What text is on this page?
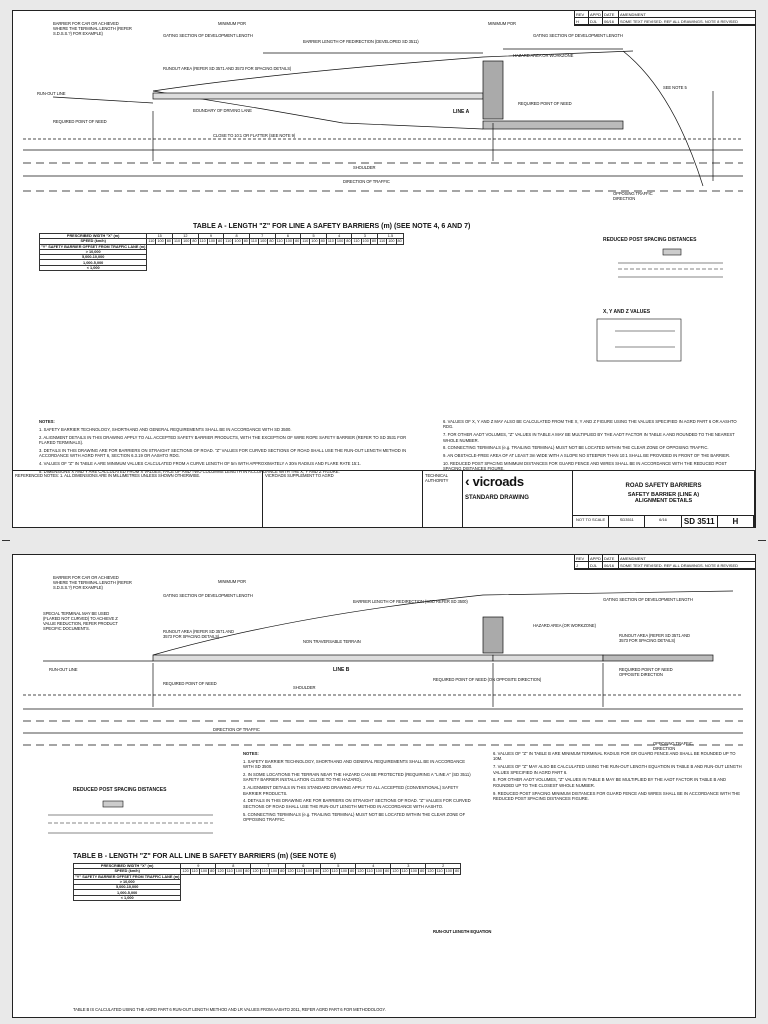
REV	APPD DATE	AMENDMENT
H	DJL	06/16	SOME TEXT REVISED. REF ALL DRAWINGS. NOTE 8 REVISED
BARRIER FOR CAR OR ACHIEVED WHERE THE TERMINAL LENGTH (REFER S.D.S.S.?) FOR EXAMPLE)	GATING SECTION OF DEVELOPMENT LENGTH
MINIMUM POR
BARRIER LENGTH OF REDIRECTION (DEVELOPED SD 3511)
MINIMUM POR
GATING SECTION OF DEVELOPMENT LENGTH
RUNOUT AREA (REFER SD 3571 AND 3573 FOR SPACING DETAILS)
LINE A
BOUNDARY OF DRIVING LANE
RUN-OUT LINE
REQUIRED POINT OF NEED
CLOSE TO 10:1 OR FLATTER (SEE NOTE 9)
SHOULDER
DIRECTION OF TRAFFIC
OPPOSING TRAFFIC DIRECTION
SEE NOTE 5
HAZARD AREA OR WORKZONE
REQUIRED POINT OF NEED
TABLE A - LENGTH "Z" FOR LINE A SAFETY BARRIERS (m) (SEE NOTE 4, 6 AND 7)
PRESCRIBED WIDTH "X" (m)	15			12			9			8			7			6			5			4			3			1.5		
SPEED (km/h)	110	100	80	110	100	80	110	100	80	110	100	80	110	100	80	110	100	80	110	100	80	110	100	80	110	100	80	110	100	80
"Y" SAFETY BARRIER OFFSET FROM TRAFFIC LANE (m)																														
> 10,000																														
5,000-10,000																														
1,000-5,000																														
< 1,000																														
REDUCED POST SPACING DISTANCES
X, Y AND Z VALUES

NOTES:

1. SAFETY BARRIER TECHNOLOGY, SHORTHAND AND GENERAL REQUIREMENTS SHALL BE IN ACCORDANCE WITH SD 3500.

2. ALIGNMENT DETAILS IN THIS DRAWING APPLY TO ALL ACCEPTED SAFETY BARRIER PRODUCTS, WITH THE EXCEPTION OF WIRE ROPE SAFETY BARRIER (REFER TO SD 3531 FOR FLARED TERMINALS).

3. DETAILS IN THIS DRAWING ARE FOR BARRIERS ON STRAIGHT SECTIONS OF ROAD. "Z" VALUES FOR CURVED SECTIONS OF ROAD SHALL USE THE RUN-OUT LENGTH METHOD IN ACCORDANCE WITH AGRD PART 6, SECTION 6.3.19 OR AASHTO RDG.

4. VALUES OF "Z" IN TABLE A ARE MINIMUM VALUES CALCULATED FROM A CURVE LENGTH OF 5m WITH APPROXIMATELY A 30m RADIUS AND FLARE RATE 15:1.

5. DIMENSIONS X AND Y ARE CALCULATED FROM X VALUES, FACE OF AND TWO COLUMNS LENGTH IN ACCORDANCE WITH THE X, Y AND Z FIGURE.

6. VALUES OF X, Y AND Z MAY ALSO BE CALCULATED FROM THE X, Y AND Z FIGURE USING THE VALUES SPECIFIED IN AGRD PART 6 OR AASHTO RDG.

7. FOR OTHER AADT VOLUMES, "Z" VALUES IN TABLE A MAY BE MULTIPLIED BY THE AADT FACTOR IN TABLE A AND ROUNDED TO THE NEAREST WHOLE NUMBER.

8. CONNECTING TERMINALS (e.g. TRAILING TERMINAL) MUST NOT BE LOCATED WITHIN THE CLEAR ZONE OF OPPOSING TRAFFIC.

9. AN OBSTACLE-FREE AREA OF AT LEAST 3m WIDE WITH A SLOPE NO STEEPER THAN 10:1 SHALL BE PROVIDED IN FRONT OF THE BARRIER.

10. REDUCED POST SPACING MINIMUM DISTANCES FOR GUARD FENCE AND WIRES SHALL BE IN ACCORDANCE WITH THE REDUCED POST SPACING DISTANCES FIGURE.

REFERENCED NOTES: 1. ALL DIMENSIONS ARE IN MILLIMETRES UNLESS SHOWN OTHERWISE.	VICROADS SUPPLEMENT TO AGRD	TECHNICAL AUTHORITY	‹ vicroads
STANDARD DRAWING
ROAD SAFETY BARRIERS
SAFETY BARRIER (LINE A)
ALIGNMENT DETAILS
NOT TO SCALE	SD3511	6/16	SD 3511	H
REV	APPD DATE	AMENDMENT
J	DJL	06/16	SOME TEXT REVISED. REF ALL DRAWINGS. NOTE 8 REVISED
BARRIER FOR CAR OR ACHIEVED WHERE THE TERMINAL LENGTH (REFER S.D.S.S.?) FOR EXAMPLE)
GATING SECTION OF DEVELOPMENT LENGTH
MINIMUM POR
BARRIER LENGTH OF REDIRECTION (SOD REFER SD 3500)	GATING SECTION OF DEVELOPMENT LENGTH
SPECIAL TERMINAL MAY BE USED (FLARED NOT CURVED) TO ACHIEVE Z VALUE REDUCTION, REFER PRODUCT SPECIFIC DOCUMENTS.
RUNOUT AREA (REFER SD 3571 AND 3573 FOR SPACING DETAILS)
NON TRAVERSABLE TERRAIN
HAZARD AREA (OR WORKZONE)
RUNOUT AREA (REFER SD 3571 AND 3573 FOR SPACING DETAILS)
LINE B
RUN-OUT LINE
REQUIRED POINT OF NEED
SHOULDER
DIRECTION OF TRAFFIC
REQUIRED POINT OF NEED (ON OPPOSITE DIRECTION)
REQUIRED POINT OF NEED OPPOSITE DIRECTION
OPPOSING TRAFFIC DIRECTION
REDUCED POST SPACING DISTANCES

NOTES:

1. SAFETY BARRIER TECHNOLOGY, SHORTHAND AND GENERAL REQUIREMENTS SHALL BE IN ACCORDANCE WITH SD 3500.

2. IN SOME LOCATIONS THE TERRAIN NEAR THE HAZARD CAN BE PROTECTED (REQUIRING A "LINE A" (SD 3511) SAFETY BARRIER INSTALLATION CLOSE TO THE HAZARD).

3. ALIGNMENT DETAILS IN THIS STANDARD DRAWING APPLY TO ALL ACCEPTED (CONVENTIONAL) SAFETY BARRIER PRODUCTS.

4. DETAILS IN THIS DRAWING ARE FOR BARRIERS ON STRAIGHT SECTIONS OF ROAD. "Z" VALUES FOR CURVED SECTIONS OF ROAD SHALL USE THE RUN-OUT LENGTH METHOD IN ACCORDANCE WITH AASHTO.

5. CONNECTING TERMINALS (e.g. TRAILING TERMINAL) MUST NOT BE LOCATED WITHIN THE CLEAR ZONE OF OPPOSING TRAFFIC.

6. VALUES OF "Z" IN TABLE B ARE MINIMUM TERMINAL RADIUS FOR GR GUARD FENCE AND SHALL BE ROUNDED UP TO 10M.

7. VALUES OF "Z" MAY ALSO BE CALCULATED USING THE RUN-OUT LENGTH EQUATION IN TABLE B AND RUN-OUT LENGTH VALUES SPECIFIED IN AGRD PART 6.

8. FOR OTHER AADT VOLUMES, "Z" VALUES IN TABLE B MAY BE MULTIPLIED BY THE AADT FACTOR IN TABLE B AND ROUNDED UP TO THE CLOSEST WHOLE NUMBER.

9. REDUCED POST SPACING MINIMUM DISTANCES FOR GUARD FENCE AND WIRES SHALL BE IN ACCORDANCE WITH THE REDUCED POST SPACING DISTANCES FIGURE.

TABLE B - LENGTH "Z" FOR ALL LINE B SAFETY BARRIERS (m) (SEE NOTE 6)
PRESCRIBED WIDTH "X" (m)	9				8				7				6				5				4				3				2			
SPEED (km/h)	120	110	100	80	120	110	100	80	120	110	100	80	120	110	100	80	120	110	100	80	120	110	100	80	120	110	100	80	120	110	100	80
"Y" SAFETY BARRIER OFFSET FROM TRAFFIC LANE (m)																																
> 10,000																																
5,000-10,000																																
1,000-5,000																																
< 1,000																																
RUN-OUT LENGTH EQUATION
TABLE B IS CALCULATED USING THE AGRD PART 6 RUN-OUT LENGTH METHOD AND LR VALUES FROM AASHTO 2011, REFER AGRD PART 6 FOR METHODOLOGY.
